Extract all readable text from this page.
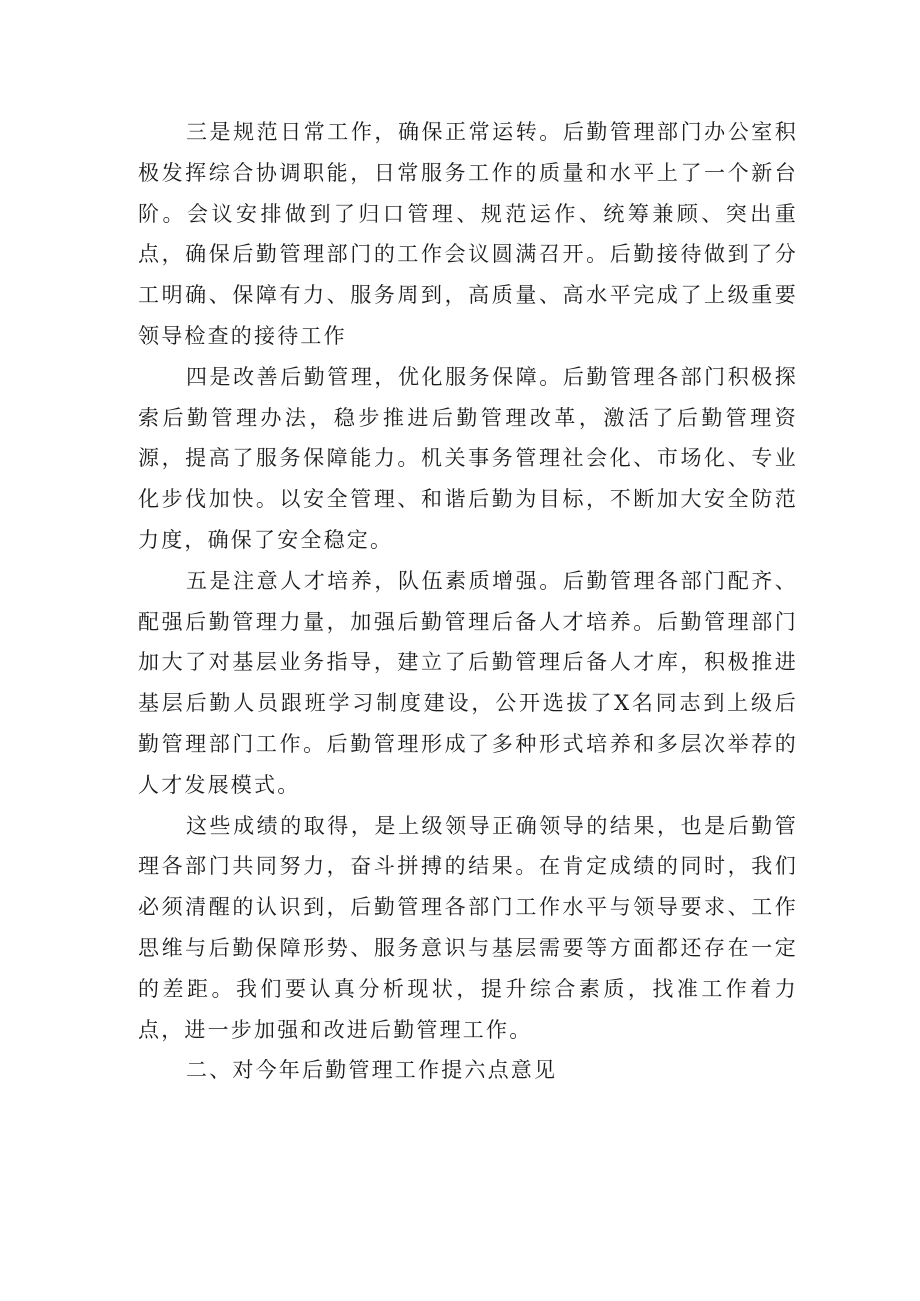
三是规范日常工作，确保正常运转。后勤管理部门办公室积极发挥综合协调职能，日常服务工作的质量和水平上了一个新台阶。会议安排做到了归口管理、规范运作、统筹兼顾、突出重点，确保后勤管理部门的工作会议圆满召开。后勤接待做到了分工明确、保障有力、服务周到，高质量、高水平完成了上级重要领导检查的接待工作

四是改善后勤管理，优化服务保障。后勤管理各部门积极探索后勤管理办法，稳步推进后勤管理改革，激活了后勤管理资源，提高了服务保障能力。机关事务管理社会化、市场化、专业化步伐加快。以安全管理、和谐后勤为目标，不断加大安全防范力度，确保了安全稳定。

五是注意人才培养，队伍素质增强。后勤管理各部门配齐、配强后勤管理力量，加强后勤管理后备人才培养。后勤管理部门加大了对基层业务指导，建立了后勤管理后备人才库，积极推进基层后勤人员跟班学习制度建设，公开选拔了X名同志到上级后勤管理部门工作。后勤管理形成了多种形式培养和多层次举荐的人才发展模式。

这些成绩的取得，是上级领导正确领导的结果，也是后勤管理各部门共同努力，奋斗拼搏的结果。在肯定成绩的同时，我们必须清醒的认识到，后勤管理各部门工作水平与领导要求、工作思维与后勤保障形势、服务意识与基层需要等方面都还存在一定的差距。我们要认真分析现状，提升综合素质，找准工作着力点，进一步加强和改进后勤管理工作。

二、对今年后勤管理工作提六点意见
